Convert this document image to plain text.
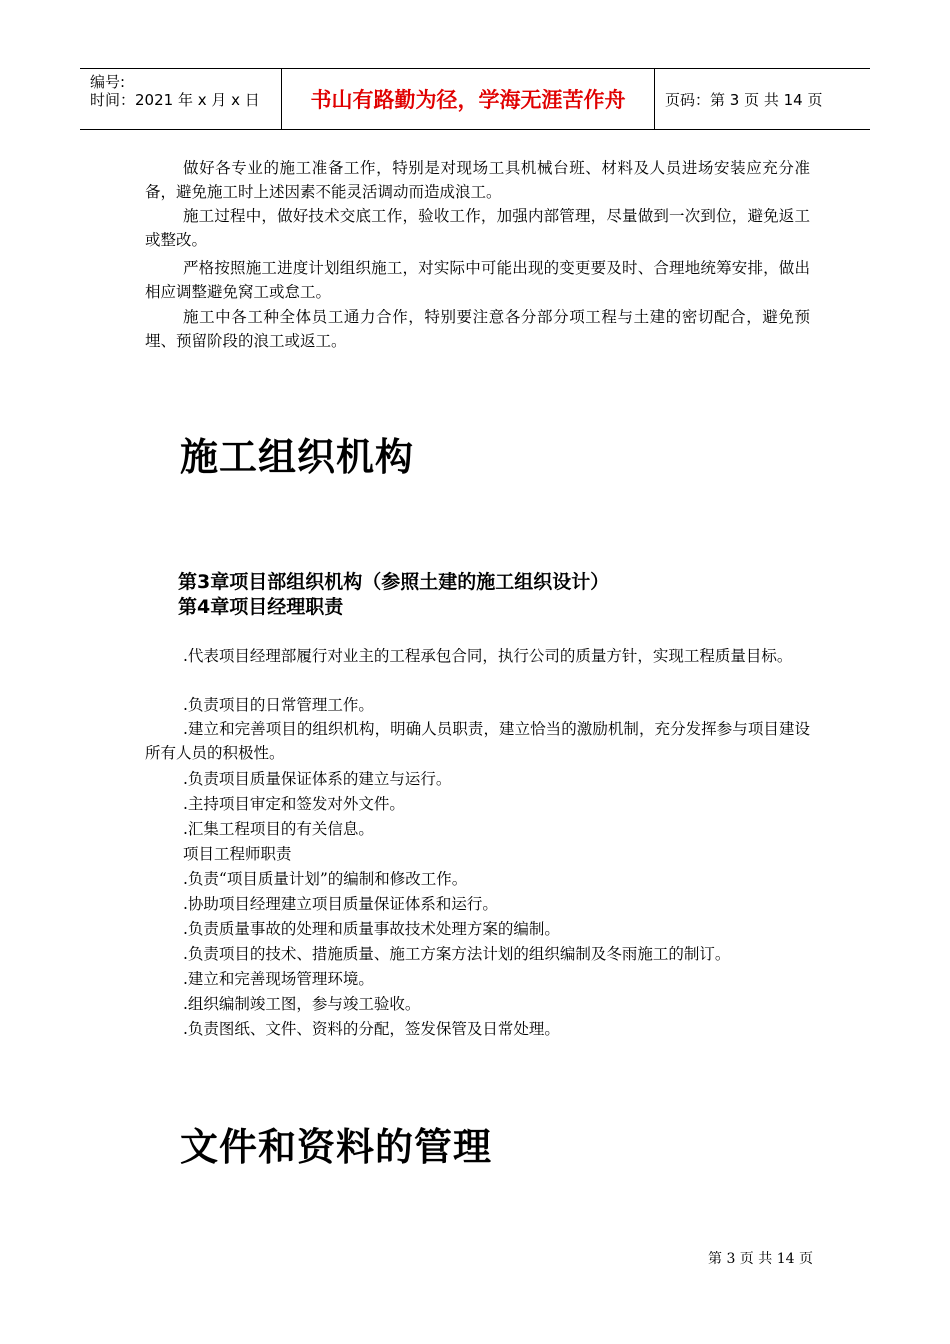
编号:
时间：2021 年 x 月 x 日	书山有路勤为径，学海无涯苦作舟	页码：第 3 页 共 14 页

做好各专业的施工准备工作，特别是对现场工具机械台班、材料及人员进场安装应充分准备，避免施工时上述因素不能灵活调动而造成浪工。

施工过程中，做好技术交底工作，验收工作，加强内部管理，尽量做到一次到位，避免返工或整改。

严格按照施工进度计划组织施工，对实际中可能出现的变更要及时、合理地统筹安排，做出相应调整避免窝工或怠工。

施工中各工种全体员工通力合作，特别要注意各分部分项工程与土建的密切配合，避免预埋、预留阶段的浪工或返工。

施工组织机构
第3章项目部组织机构（参照土建的施工组织设计）
第4章项目经理职责

.代表项目经理部履行对业主的工程承包合同，执行公司的质量方针，实现工程质量目标。

.负责项目的日常管理工作。

.建立和完善项目的组织机构，明确人员职责，建立恰当的激励机制，充分发挥参与项目建设所有人员的积极性。

.负责项目质量保证体系的建立与运行。

.主持项目审定和签发对外文件。

.汇集工程项目的有关信息。

项目工程师职责

.负责“项目质量计划”的编制和修改工作。

.协助项目经理建立项目质量保证体系和运行。

.负责质量事故的处理和质量事故技术处理方案的编制。

.负责项目的技术、措施质量、施工方案方法计划的组织编制及冬雨施工的制订。

.建立和完善现场管理环境。

.组织编制竣工图，参与竣工验收。

.负责图纸、文件、资料的分配，签发保管及日常处理。

文件和资料的管理
第 3 页 共 14 页
